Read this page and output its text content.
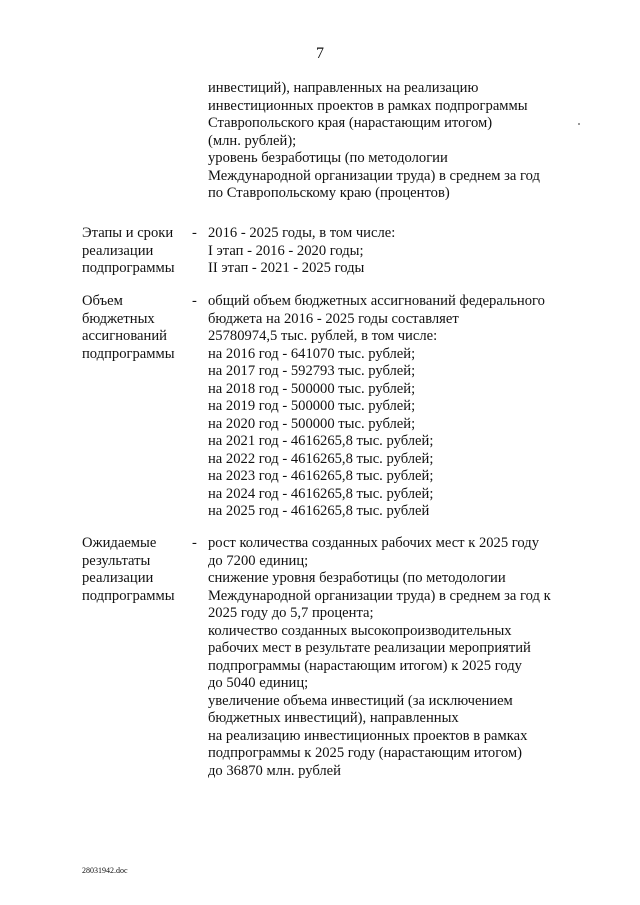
7
инвестиций), направленных на реализацию
инвестиционных проектов в рамках подпрограммы
Ставропольского края (нарастающим итогом)
(млн. рублей);
уровень безработицы (по методологии
Международной организации труда) в среднем за год
по Ставропольскому краю (процентов)
Этапы и сроки
реализации
подпрограммы
- 2016 - 2025 годы, в том числе:
I этап - 2016 - 2020 годы;
II этап - 2021 - 2025 годы
Объем
бюджетных
ассигнований
подпрограммы
- общий объем бюджетных ассигнований федерального
бюджета на 2016 - 2025 годы составляет
25780974,5 тыс. рублей, в том числе:
на 2016 год - 641070 тыс. рублей;
на 2017 год - 592793 тыс. рублей;
на 2018 год - 500000 тыс. рублей;
на 2019 год - 500000 тыс. рублей;
на 2020 год - 500000 тыс. рублей;
на 2021 год - 4616265,8 тыс. рублей;
на 2022 год - 4616265,8 тыс. рублей;
на 2023 год - 4616265,8 тыс. рублей;
на 2024 год - 4616265,8 тыс. рублей;
на 2025 год - 4616265,8 тыс. рублей
Ожидаемые
результаты
реализации
подпрограммы
- рост количества созданных рабочих мест к 2025 году
до 7200 единиц;
снижение уровня безработицы (по методологии
Международной организации труда) в среднем за год к
2025 году до 5,7 процента;
количество созданных высокопроизводительных
рабочих мест в результате реализации мероприятий
подпрограммы (нарастающим итогом) к 2025 году
до 5040 единиц;
увеличение объема инвестиций (за исключением
бюджетных инвестиций), направленных
на реализацию инвестиционных проектов в рамках
подпрограммы к 2025 году (нарастающим итогом)
до 36870 млн. рублей
28031942.doc
